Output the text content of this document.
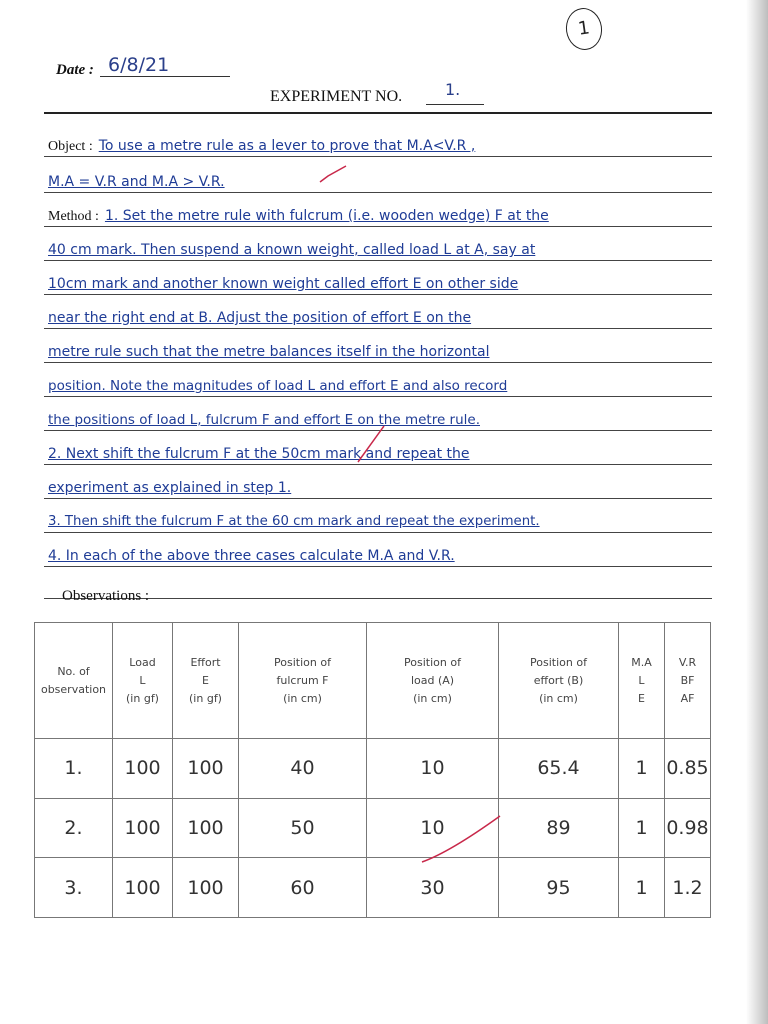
1
Date : 6/8/21
EXPERIMENT NO.	1.
Object : To use a metre rule as a lever to prove that M.A<V.R ,
M.A = V.R and M.A > V.R.
Method : 1. Set the metre rule with fulcrum (i.e. wooden wedge) F at the
40 cm mark. Then suspend a known weight, called load L at A, say at
10cm mark and another known weight called effort E on other side
near the right end at B. Adjust the position of effort E on the
metre rule such that the metre balances itself in the horizontal
position. Note the magnitudes of load L and effort E and also record
the positions of load L, fulcrum F and effort E on the metre rule.
2. Next shift the fulcrum F at the 50cm mark and repeat the
experiment as explained in step 1.
3. Then shift the fulcrum F at the 60 cm mark and repeat the experiment.
4. In each of the above three cases calculate M.A and V.R.
Observations :
No. of
observation	Load
L
(in gf)	Effort
E
(in gf)	Position of
fulcrum F
(in cm)	Position of
load (A)
(in cm)	Position of
effort (B)
(in cm)	M.A
L
E	V.R
BF
AF
1.	100	100	40	10	65.4	1	0.85
2.	100	100	50	10	89	1	0.98
3.	100	100	60	30	95	1	1.2
